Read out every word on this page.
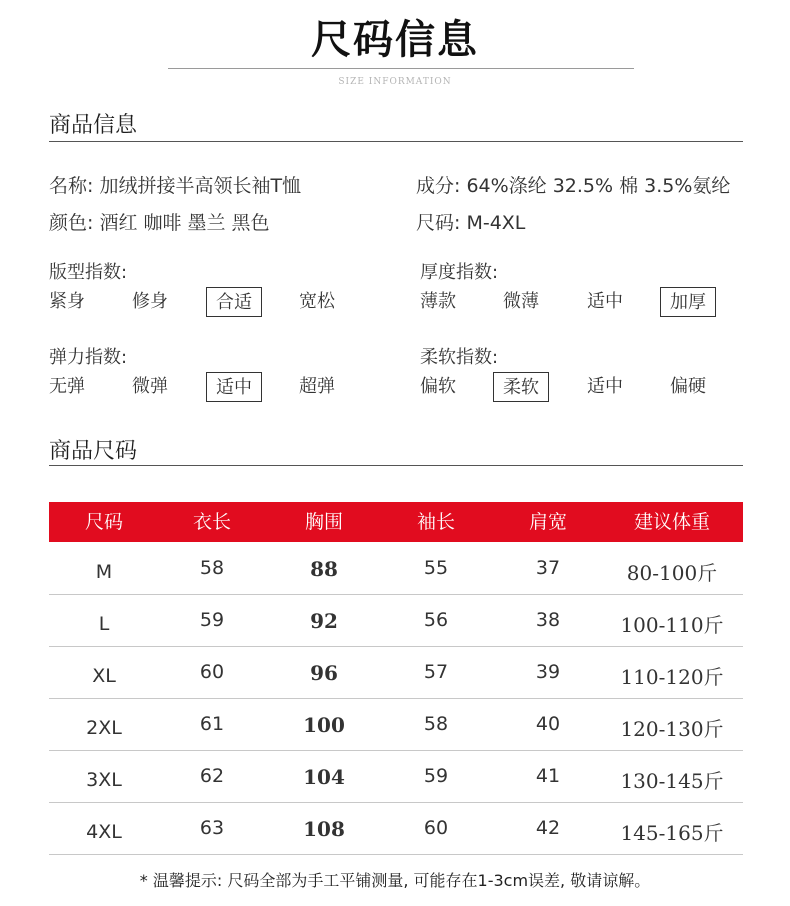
尺码信息
SIZE INFORMATION
商品信息
名称: 加绒拼接半高领长袖T恤	成分: 64%涤纶 32.5% 棉 3.5%氨纶
颜色: 酒红 咖啡 墨兰 黑色	尺码: M-4XL
版型指数:
紧身	修身	合适	宽松
厚度指数:
薄款	微薄	适中	加厚
弹力指数:
无弹	微弹	适中	超弹
柔软指数:
偏软	柔软	适中	偏硬
商品尺码
尺码	衣长	胸围	袖长	肩宽	建议体重
M	58	88	55	37	80-100斤
L	59	92	56	38	100-110斤
XL	60	96	57	39	110-120斤
2XL	61	100	58	40	120-130斤
3XL	62	104	59	41	130-145斤
4XL	63	108	60	42	145-165斤
* 温馨提示: 尺码全部为手工平铺测量, 可能存在1-3cm误差, 敬请谅解。
